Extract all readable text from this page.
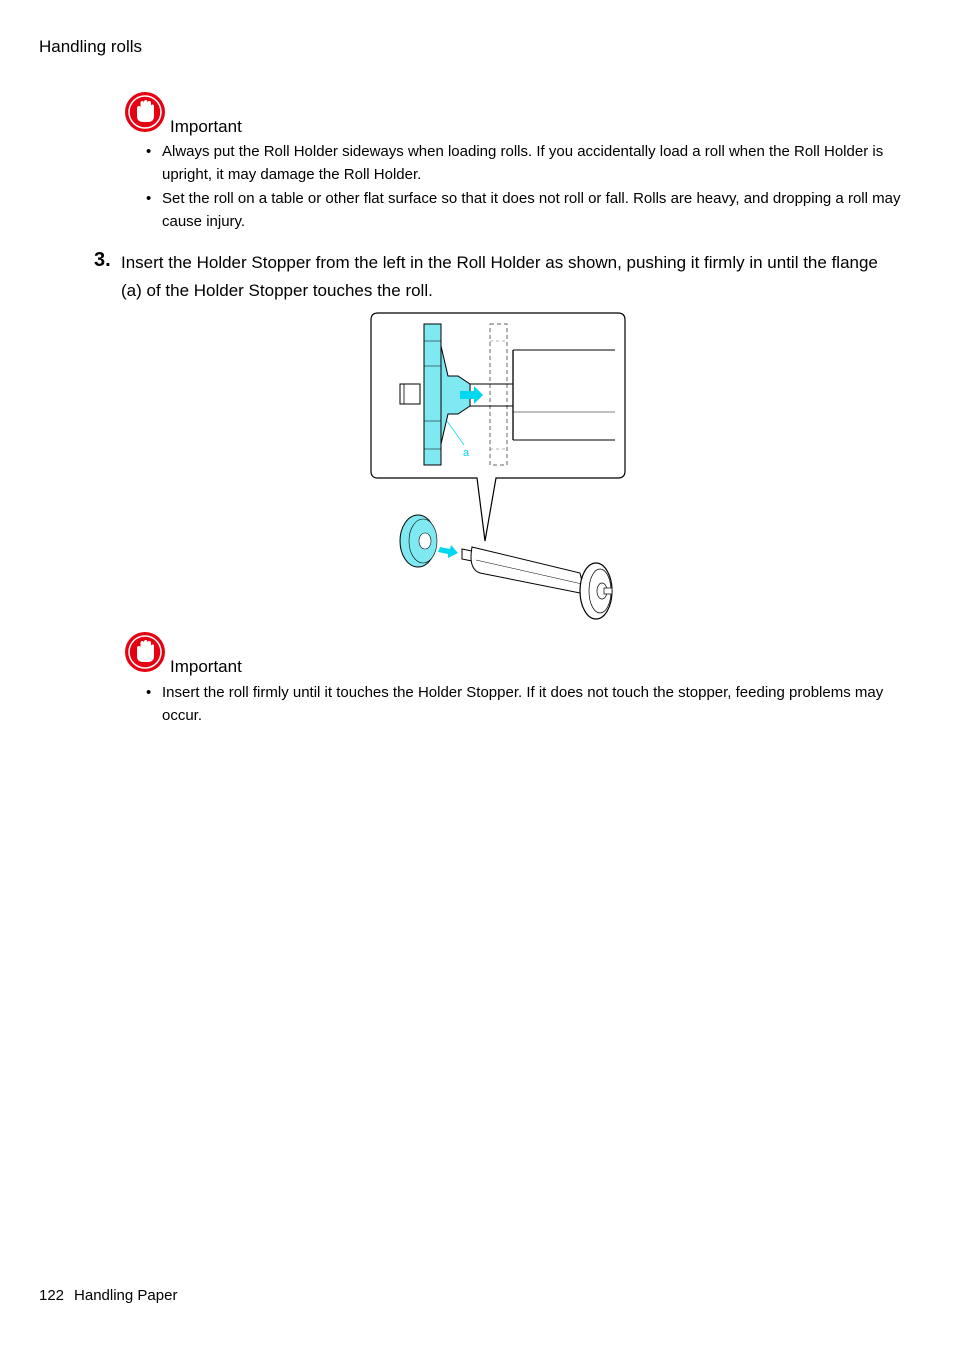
Handling rolls
Important
• Always put the Roll Holder sideways when loading rolls. If you accidentally load a roll when the Roll Holder is upright, it may damage the Roll Holder.
• Set the roll on a table or other flat surface so that it does not roll or fall. Rolls are heavy, and dropping a roll may cause injury.
3. Insert the Holder Stopper from the left in the Roll Holder as shown, pushing it firmly in until the flange (a) of the Holder Stopper touches the roll.
a
Important
• Insert the roll firmly until it touches the Holder Stopper. If it does not touch the stopper, feeding problems may occur.
122 Handling Paper
